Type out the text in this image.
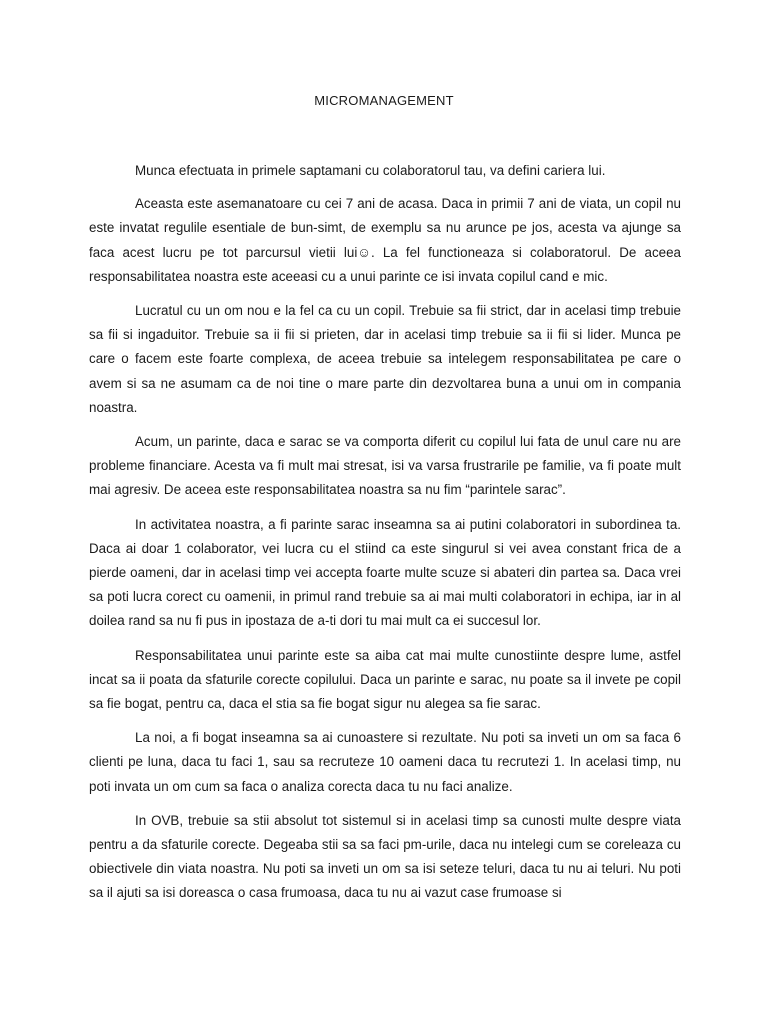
MICROMANAGEMENT

Munca efectuata in primele saptamani cu colaboratorul tau, va defini cariera lui.

Aceasta este asemanatoare cu cei 7 ani de acasa. Daca in primii 7 ani de viata, un copil nu este invatat regulile esentiale de bun-simt, de exemplu sa nu arunce pe jos, acesta va ajunge sa faca acest lucru pe tot parcursul vietii lui☺. La fel functioneaza si colaboratorul. De aceea responsabilitatea noastra este aceeasi cu a unui parinte ce isi invata copilul cand e mic.

Lucratul cu un om nou e la fel ca cu un copil. Trebuie sa fii strict, dar in acelasi timp trebuie sa fii si ingaduitor. Trebuie sa ii fii si prieten, dar in acelasi timp trebuie sa ii fii si lider. Munca pe care o facem este foarte complexa, de aceea trebuie sa intelegem responsabilitatea pe care o avem si sa ne asumam ca de noi tine o mare parte din dezvoltarea buna a unui om in compania noastra.

Acum, un parinte, daca e sarac se va comporta diferit cu copilul lui fata de unul care nu are probleme financiare. Acesta va fi mult mai stresat, isi va varsa frustrarile pe familie, va fi poate mult mai agresiv. De aceea este responsabilitatea noastra sa nu fim “parintele sarac”.

In activitatea noastra, a fi parinte sarac inseamna sa ai putini colaboratori in subordinea ta. Daca ai doar 1 colaborator, vei lucra cu el stiind ca este singurul si vei avea constant frica de a pierde oameni, dar in acelasi timp vei accepta foarte multe scuze si abateri din partea sa. Daca vrei sa poti lucra corect cu oamenii, in primul rand trebuie sa ai mai multi colaboratori in echipa, iar in al doilea rand sa nu fi pus in ipostaza de a-ti dori tu mai mult ca ei succesul lor.

Responsabilitatea unui parinte este sa aiba cat mai multe cunostiinte despre lume, astfel incat sa ii poata da sfaturile corecte copilului. Daca un parinte e sarac, nu poate sa il invete pe copil sa fie bogat, pentru ca, daca el stia sa fie bogat sigur nu alegea sa fie sarac.

La noi, a fi bogat inseamna sa ai cunoastere si rezultate. Nu poti sa inveti un om sa faca 6 clienti pe luna, daca tu faci 1, sau sa recruteze 10 oameni daca tu recrutezi 1. In acelasi timp, nu poti invata un om cum sa faca o analiza corecta daca tu nu faci analize.

In OVB, trebuie sa stii absolut tot sistemul si in acelasi timp sa cunosti multe despre viata pentru a da sfaturile corecte. Degeaba stii sa sa faci pm-urile, daca nu intelegi cum se coreleaza cu obiectivele din viata noastra. Nu poti sa inveti un om sa isi seteze teluri, daca tu nu ai teluri. Nu poti sa il ajuti sa isi doreasca o casa frumoasa, daca tu nu ai vazut case frumoase si
